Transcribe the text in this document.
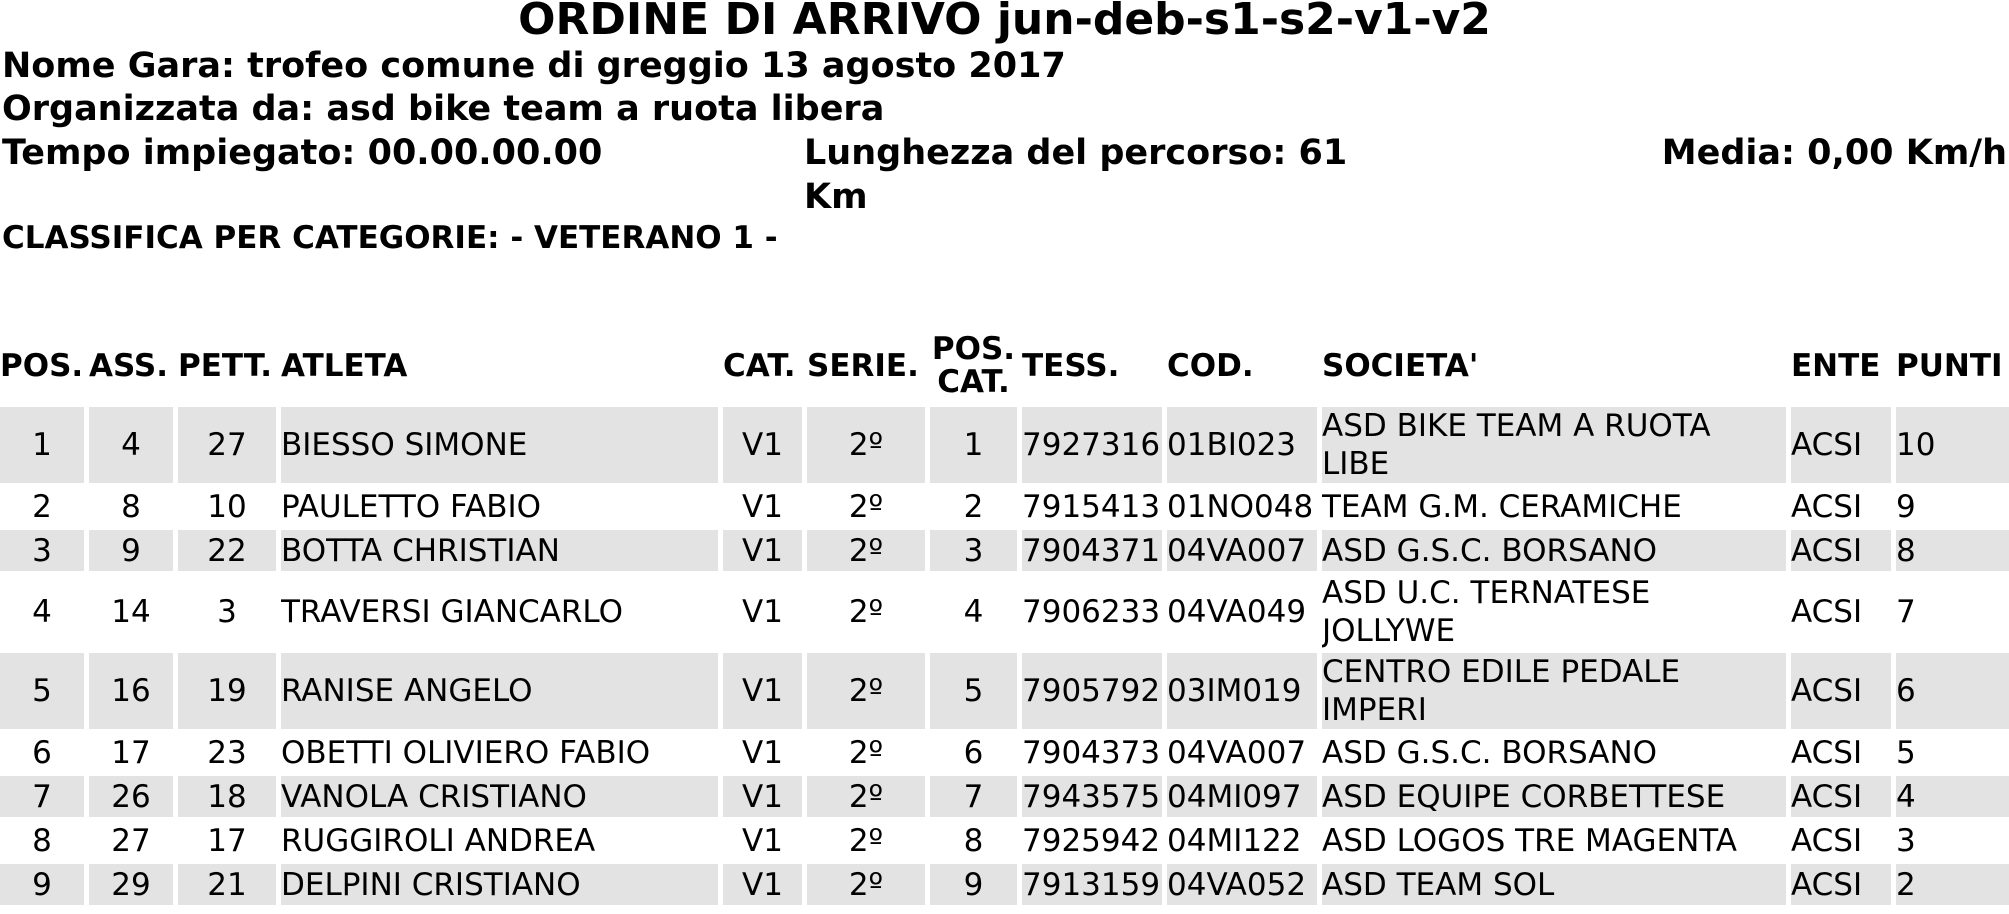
ORDINE DI ARRIVO jun-deb-s1-s2-v1-v2
Nome Gara: trofeo comune di greggio 13 agosto 2017
Organizzata da: asd bike team a ruota libera
Tempo impiegato: 00.00.00.00	Lunghezza del percorso: 61 Km
Media: 0,00 Km/h
CLASSIFICA PER CATEGORIE: - VETERANO 1 -
POS.	ASS.	PETT.	ATLETA	CAT.	SERIE.	POS. CAT.	TESS.	COD.	SOCIETA'	ENTE	PUNTI
1	4	27	BIESSO SIMONE	V1	2º	1	7927316	01BI023	ASD BIKE TEAM A RUOTA LIBE	ACSI	10
2	8	10	PAULETTO FABIO	V1	2º	2	7915413	01NO048	TEAM G.M. CERAMICHE	ACSI	9
3	9	22	BOTTA CHRISTIAN	V1	2º	3	7904371	04VA007	ASD G.S.C. BORSANO	ACSI	8
4	14	3	TRAVERSI GIANCARLO	V1	2º	4	7906233	04VA049	ASD U.C. TERNATESE JOLLYWE	ACSI	7
5	16	19	RANISE ANGELO	V1	2º	5	7905792	03IM019	CENTRO EDILE PEDALE IMPERI	ACSI	6
6	17	23	OBETTI OLIVIERO FABIO	V1	2º	6	7904373	04VA007	ASD G.S.C. BORSANO	ACSI	5
7	26	18	VANOLA CRISTIANO	V1	2º	7	7943575	04MI097	ASD EQUIPE CORBETTESE	ACSI	4
8	27	17	RUGGIROLI ANDREA	V1	2º	8	7925942	04MI122	ASD LOGOS TRE MAGENTA	ACSI	3
9	29	21	DELPINI CRISTIANO	V1	2º	9	7913159	04VA052	ASD TEAM SOL	ACSI	2
